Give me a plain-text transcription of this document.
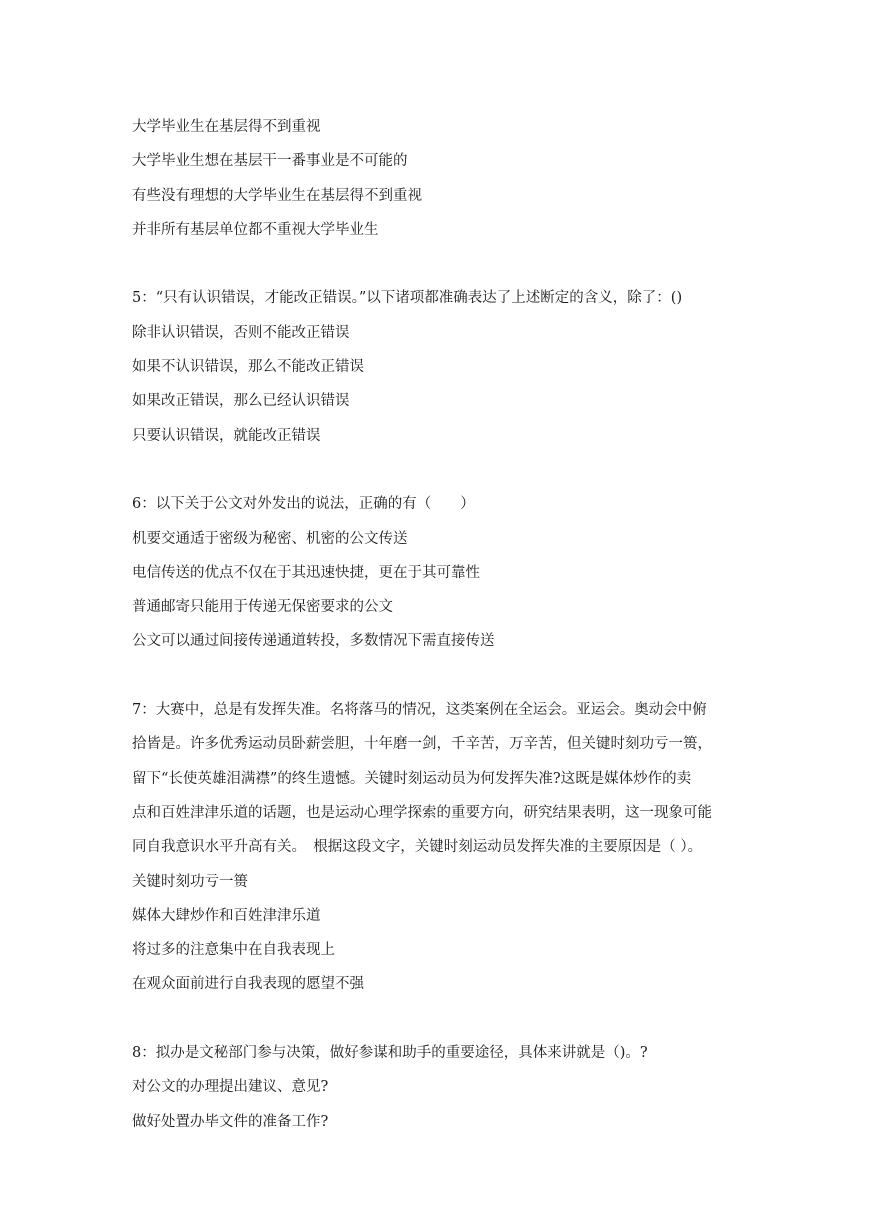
大学毕业生在基层得不到重视

大学毕业生想在基层干一番事业是不可能的

有些没有理想的大学毕业生在基层得不到重视

并非所有基层单位都不重视大学毕业生

5：“只有认识错误，才能改正错误。”以下诸项都准确表达了上述断定的含义，除了：()

除非认识错误，否则不能改正错误

如果不认识错误，那么不能改正错误

如果改正错误，那么已经认识错误

只要认识错误，就能改正错误

6：以下关于公文对外发出的说法，正确的有（　　）

机要交通适于密级为秘密、机密的公文传送

电信传送的优点不仅在于其迅速快捷，更在于其可靠性

普通邮寄只能用于传递无保密要求的公文

公文可以通过间接传递通道转投，多数情况下需直接传送

7：大赛中，总是有发挥失准。名将落马的情况，这类案例在全运会。亚运会。奥动会中俯

拾皆是。许多优秀运动员卧薪尝胆，十年磨一剑，千辛苦，万辛苦，但关键时刻功亏一篑，

留下“长使英雄泪满襟”的终生遗憾。关键时刻运动员为何发挥失准?这既是媒体炒作的卖

点和百姓津津乐道的话题，也是运动心理学探索的重要方向，研究结果表明，这一现象可能

同自我意识水平升高有关。　根据这段文字，关键时刻运动员发挥失准的主要原因是（ ）。

关键时刻功亏一篑

媒体大肆炒作和百姓津津乐道

将过多的注意集中在自我表现上

在观众面前进行自我表现的愿望不强

8：拟办是文秘部门参与决策，做好参谋和助手的重要途径，具体来讲就是（)。?

对公文的办理提出建议、意见?

做好处置办毕文件的准备工作?
